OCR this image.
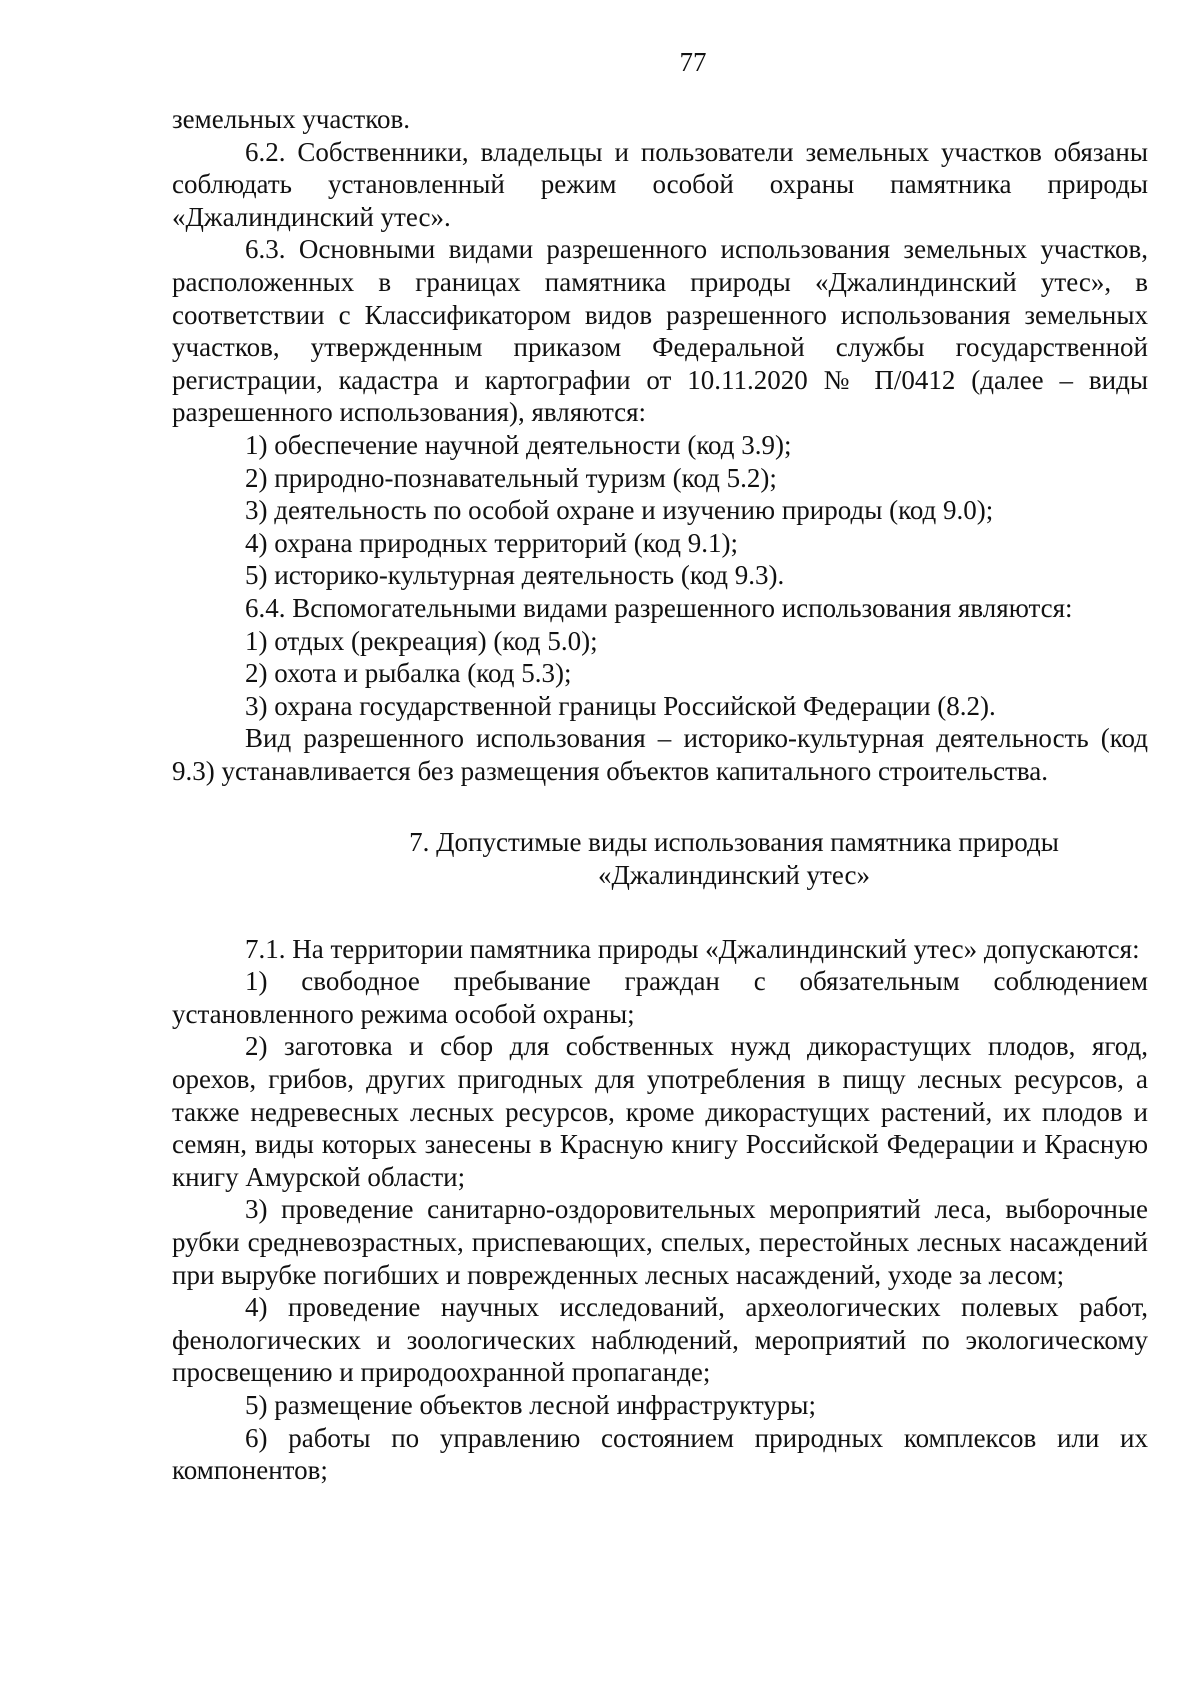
77

земельных участков.

6.2. Собственники, владельцы и пользователи земельных участков обязаны соблюдать установленный режим особой охраны памятника природы «Джалиндинский утес».

6.3. Основными видами разрешенного использования земельных участков, расположенных в границах памятника природы «Джалиндинский утес», в соответствии с Классификатором видов разрешенного использования земельных участков, утвержденным приказом Федеральной службы государственной регистрации, кадастра и картографии от 10.11.2020 № П/0412 (далее – виды разрешенного использования), являются:

1) обеспечение научной деятельности (код 3.9);

2) природно-познавательный туризм (код 5.2);

3) деятельность по особой охране и изучению природы (код 9.0);

4) охрана природных территорий (код 9.1);

5) историко-культурная деятельность (код 9.3).

6.4. Вспомогательными видами разрешенного использования являются:

1) отдых (рекреация) (код 5.0);

2) охота и рыбалка (код 5.3);

3) охрана государственной границы Российской Федерации (8.2).

Вид разрешенного использования – историко-культурная деятельность (код 9.3) устанавливается без размещения объектов капитального строительства.

7. Допустимые виды использования памятника природы
«Джалиндинский утес»

7.1. На территории памятника природы «Джалиндинский утес» допускаются:

1) свободное пребывание граждан с обязательным соблюдением установленного режима особой охраны;

2) заготовка и сбор для собственных нужд дикорастущих плодов, ягод, орехов, грибов, других пригодных для употребления в пищу лесных ресурсов, а также недревесных лесных ресурсов, кроме дикорастущих растений, их плодов и семян, виды которых занесены в Красную книгу Российской Федерации и Красную книгу Амурской области;

3) проведение санитарно-оздоровительных мероприятий леса, выборочные рубки средневозрастных, приспевающих, спелых, перестойных лесных насаждений при вырубке погибших и поврежденных лесных насаждений, уходе за лесом;

4) проведение научных исследований, археологических полевых работ, фенологических и зоологических наблюдений, мероприятий по экологическому просвещению и природоохранной пропаганде;

5) размещение объектов лесной инфраструктуры;

6) работы по управлению состоянием природных комплексов или их компонентов;
